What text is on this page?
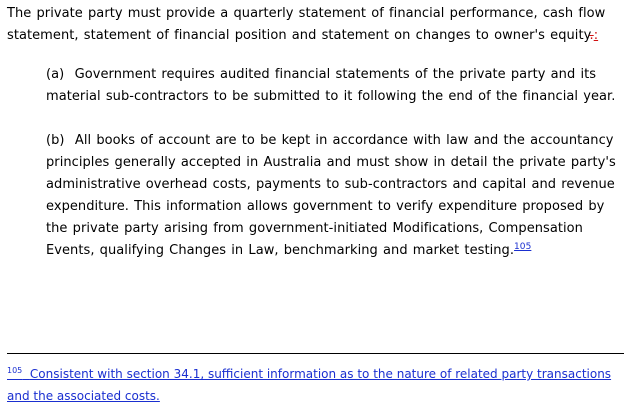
The private party must provide a quarterly statement of financial performance, cash flow statement, statement of financial position and statement on changes to owner's equity.:
(a) Government requires audited financial statements of the private party and its material sub-contractors to be submitted to it following the end of the financial year.
(b) All books of account are to be kept in accordance with law and the accountancy principles generally accepted in Australia and must show in detail the private party's administrative overhead costs, payments to sub-contractors and capital and revenue expenditure. This information allows government to verify expenditure proposed by the private party arising from government-initiated Modifications, Compensation Events, qualifying Changes in Law, benchmarking and market testing.$^{105}$
$^{105}$ Consistent with section 34.1, sufficient information as to the nature of related party transactions and the associated costs.
